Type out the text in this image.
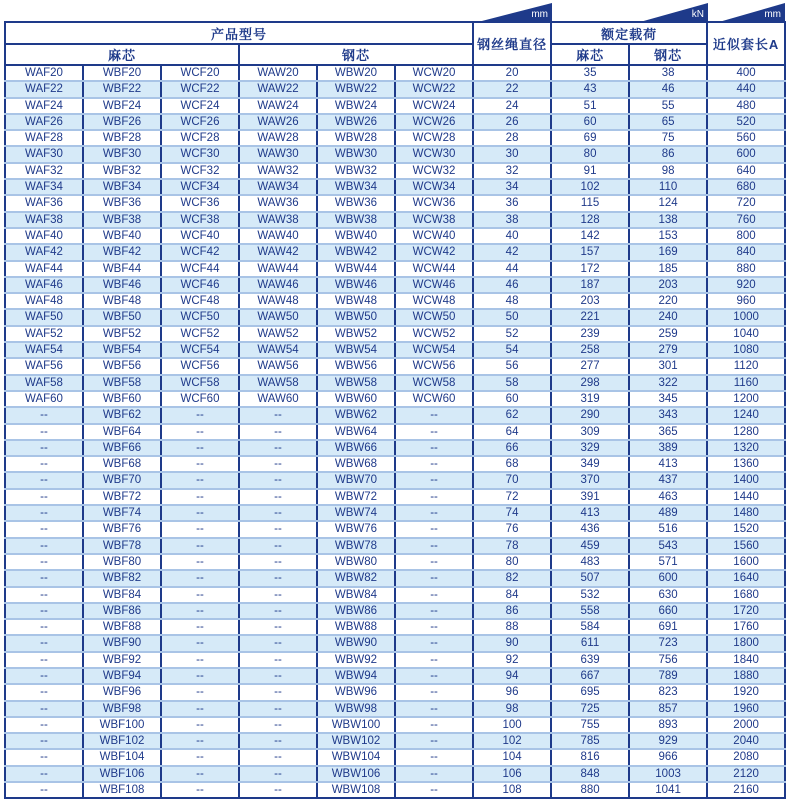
mm	kN	mm
产品型号						钢丝绳直径	额定载荷		近似套长A
麻芯			钢芯				麻芯	钢芯	
WAF20	WBF20	WCF20	WAW20	WBW20	WCW20	20	35	38	400
WAF22	WBF22	WCF22	WAW22	WBW22	WCW22	22	43	46	440
WAF24	WBF24	WCF24	WAW24	WBW24	WCW24	24	51	55	480
WAF26	WBF26	WCF26	WAW26	WBW26	WCW26	26	60	65	520
WAF28	WBF28	WCF28	WAW28	WBW28	WCW28	28	69	75	560
WAF30	WBF30	WCF30	WAW30	WBW30	WCW30	30	80	86	600
WAF32	WBF32	WCF32	WAW32	WBW32	WCW32	32	91	98	640
WAF34	WBF34	WCF34	WAW34	WBW34	WCW34	34	102	110	680
WAF36	WBF36	WCF36	WAW36	WBW36	WCW36	36	115	124	720
WAF38	WBF38	WCF38	WAW38	WBW38	WCW38	38	128	138	760
WAF40	WBF40	WCF40	WAW40	WBW40	WCW40	40	142	153	800
WAF42	WBF42	WCF42	WAW42	WBW42	WCW42	42	157	169	840
WAF44	WBF44	WCF44	WAW44	WBW44	WCW44	44	172	185	880
WAF46	WBF46	WCF46	WAW46	WBW46	WCW46	46	187	203	920
WAF48	WBF48	WCF48	WAW48	WBW48	WCW48	48	203	220	960
WAF50	WBF50	WCF50	WAW50	WBW50	WCW50	50	221	240	1000
WAF52	WBF52	WCF52	WAW52	WBW52	WCW52	52	239	259	1040
WAF54	WBF54	WCF54	WAW54	WBW54	WCW54	54	258	279	1080
WAF56	WBF56	WCF56	WAW56	WBW56	WCW56	56	277	301	1120
WAF58	WBF58	WCF58	WAW58	WBW58	WCW58	58	298	322	1160
WAF60	WBF60	WCF60	WAW60	WBW60	WCW60	60	319	345	1200
--	WBF62	--	--	WBW62	--	62	290	343	1240
--	WBF64	--	--	WBW64	--	64	309	365	1280
--	WBF66	--	--	WBW66	--	66	329	389	1320
--	WBF68	--	--	WBW68	--	68	349	413	1360
--	WBF70	--	--	WBW70	--	70	370	437	1400
--	WBF72	--	--	WBW72	--	72	391	463	1440
--	WBF74	--	--	WBW74	--	74	413	489	1480
--	WBF76	--	--	WBW76	--	76	436	516	1520
--	WBF78	--	--	WBW78	--	78	459	543	1560
--	WBF80	--	--	WBW80	--	80	483	571	1600
--	WBF82	--	--	WBW82	--	82	507	600	1640
--	WBF84	--	--	WBW84	--	84	532	630	1680
--	WBF86	--	--	WBW86	--	86	558	660	1720
--	WBF88	--	--	WBW88	--	88	584	691	1760
--	WBF90	--	--	WBW90	--	90	611	723	1800
--	WBF92	--	--	WBW92	--	92	639	756	1840
--	WBF94	--	--	WBW94	--	94	667	789	1880
--	WBF96	--	--	WBW96	--	96	695	823	1920
--	WBF98	--	--	WBW98	--	98	725	857	1960
--	WBF100	--	--	WBW100	--	100	755	893	2000
--	WBF102	--	--	WBW102	--	102	785	929	2040
--	WBF104	--	--	WBW104	--	104	816	966	2080
--	WBF106	--	--	WBW106	--	106	848	1003	2120
--	WBF108	--	--	WBW108	--	108	880	1041	2160
